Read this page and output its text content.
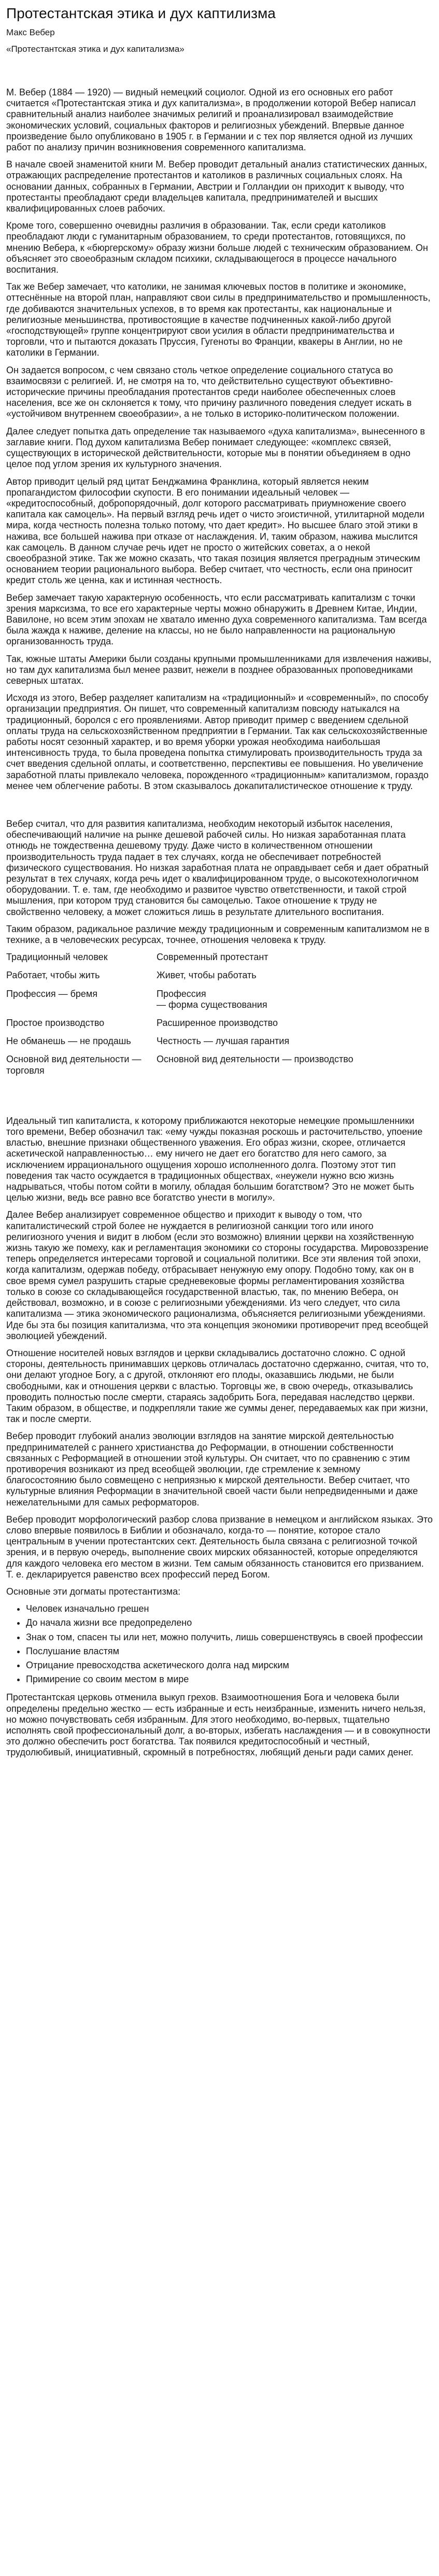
Протестантская этика и дух каптилизма
Макс Вебер
«Протестантская этика и дух капитализма»

М. Вебер (1884 — 1920) — видный немецкий социолог. Одной из его основных его работ считается «Протестантская этика и дух капитализма», в продолжении которой Вебер написал сравнительный анализ наиболее значимых религий и проанализировал взаимодействие экономических условий, социальных факторов и религиозных убеждений. Впервые данное произведение было опубликовано в 1905 г. в Германии и с тех пор является одной из лучших работ по анализу причин возникновения современного капитализма.

В начале своей знаменитой книги М. Вебер проводит детальный анализ статистических данных, отражающих распределение протестантов и католиков в различных социальных слоях. На основании данных, собранных в Германии, Австрии и Голландии он приходит к выводу, что протестанты преобладают среди владельцев капитала, предпринимателей и высших квалифицированных слоев рабочих.

Кроме того, совершенно очевидны различия в образовании. Так, если среди католиков преобладают люди с гуманитарным образованием, то среди протестантов, готовящихся, по мнению Вебера, к «бюргерскому» образу жизни больше людей с техническим образованием. Он объясняет это своеобразным складом психики, складывающегося в процессе начального воспитания.

Так же Вебер замечает, что католики, не занимая ключевых постов в политике и экономике, оттеснённые на второй план, направляют свои силы в предпринимательство и промышленность, где добиваются значительных успехов, в то время как протестанты, как национальные и религиозные меньшинства, противостоящие в качестве подчиненных какой-либо другой «господствующей» группе концентрируют свои усилия в области предпринимательства и торговли, что и пытаются доказать Пруссия, Гугеноты во Франции, квакеры в Англии, но не католики в Германии.

Он задается вопросом, с чем связано столь четкое определение социального статуса во взаимосвязи с религией. И, не смотря на то, что действительно существуют объективно-исторические причины преобладания протестантов среди наиболее обеспеченных слоев населения, все же он склоняется к тому, что причину различного поведения следует искать в «устойчивом внутреннем своеобразии», а не только в историко-политическом положении.

Далее следует попытка дать определение так называемого «духа капитализма», вынесенного в заглавие книги. Под духом капитализма Вебер понимает следующее: «комплекс связей, существующих в исторической действительности, которые мы в понятии объединяем в одно целое под углом зрения их культурного значения.

Автор приводит целый ряд цитат Бенджамина Франклина, который является неким пропагандистом философии скупости. В его понимании идеальный человек — «кредитоспособный, добропорядочный, долг которого рассматривать приумножение своего капитала как самоцель». На первый взгляд речь идет о чисто эгоистичной, утилитарной модели мира, когда честность полезна только потому, что дает кредит». Но высшее благо этой этики в нажива, все большей нажива при отказе от наслаждения. И, таким образом, нажива мыслится как самоцель. В данном случае речь идет не просто о житейских советах, а о некой своеобразной этике. Так же можно сказать, что такая позиция является преградным этическим основанием теории рационального выбора. Вебер считает, что честность, если она приносит кредит столь же ценна, как и истинная честность.

Вебер замечает такую характерную особенность, что если рассматривать капитализм с точки зрения марксизма, то все его характерные черты можно обнаружить в Древнем Китае, Индии, Вавилоне, но всем этим эпохам не хватало именно духа современного капитализма. Там всегда была жажда к наживе, деление на классы, но не было направленности на рациональную организованность труда.

Так, южные штаты Америки были созданы крупными промышленниками для извлечения наживы, но там дух капитализма был менее развит, нежели в позднее образованных проповедниками северных штатах.

Исходя из этого, Вебер разделяет капитализм на «традиционный» и «современный», по способу организации предприятия. Он пишет, что современный капитализм повсюду натыкался на традиционный, боролся с его проявлениями. Автор приводит пример с введением сдельной оплаты труда на сельскохозяйственном предприятии в Германии. Так как сельскохозяйственные работы носят сезонный характер, и во время уборки урожая необходима наибольшая интенсивность труда, то была проведена попытка стимулировать производительность труда за счет введения сдельной оплаты, и соответственно, перспективы ее повышения. Но увеличение заработной платы привлекало человека, порожденного «традиционным» капитализмом, гораздо менее чем облегчение работы. В этом сказывалось докапиталистическое отношение к труду.

Вебер считал, что для развития капитализма, необходим некоторый избыток населения, обеспечивающий наличие на рынке дешевой рабочей силы. Но низкая заработанная плата отнюдь не тождественна дешевому труду. Даже чисто в количественном отношении производительность труда падает в тех случаях, когда не обеспечивает потребностей физического существования. Но низкая заработная плата не оправдывает себя и дает обратный результат в тех случаях, когда речь идет о квалифицированном труде, о высокотехнологичном оборудовании. Т. е. там, где необходимо и развитое чувство ответственности, и такой строй мышления, при котором труд становится бы самоцелью. Такое отношение к труду не свойственно человеку, а может сложиться лишь в результате длительного воспитания.

Таким образом, радикальное различие между традиционным и современным капитализмом не в технике, а в человеческих ресурсах, точнее, отношения человека к труду.

Традиционный человек	Современный протестант
Работает, чтобы жить	Живет, чтобы работать
Профессия — бремя	Профессия
— форма существования
Простое производство	Расширенное производство
Не обманешь — не продашь	Честность — лучшая гарантия
Основной вид деятельности — торговля	Основной вид деятельности — производство

Идеальный тип капиталиста, к которому приближаются некоторые немецкие промышленники того времени, Вебер обозначил так: «ему чужды показная роскошь и расточительство, упоение властью, внешние признаки общественного уважения. Его образ жизни, скорее, отличается аскетической направленностью… ему ничего не дает его богатство для него самого, за исключением иррационального ощущения хорошо исполненного долга. Поэтому этот тип поведения так часто осуждается в традиционных обществах, «неужели нужно всю жизнь надрываться, чтобы потом сойти в могилу, обладая большим богатством? Это не может быть целью жизни, ведь все равно все богатство унести в могилу».

Далее Вебер анализирует современное общество и приходит к выводу о том, что капиталистический строй более не нуждается в религиозной санкции того или иного религиозного учения и видит в любом (если это возможно) влиянии церкви на хозяйственную жизнь такую же помеху, как и регламентация экономики со стороны государства. Мировоззрение теперь определяется интересами торговой и социальной политики. Все эти явления той эпохи, когда капитализм, одержав победу, отбрасывает ненужную ему опору. Подобно тому, как он в свое время сумел разрушить старые средневековые формы регламентирования хозяйства только в союзе со складывающейся государственной властью, так, по мнению Вебера, он действовал, возможно, и в союзе с религиозными убеждениями. Из чего следует, что сила капитализма — этика экономического рационализма, объясняется религиозными убеждениями. Иде бы эта бы позиция капитализма, что эта концепция экономики противоречит пред всеобщей эволюцией убеждений.

Отношение носителей новых взглядов и церкви складывались достаточно сложно. С одной стороны, деятельность принимавших церковь отличалась достаточно сдержанно, считая, что то, они делают угодное Богу, а с другой, отклоняют его плоды, оказавшись людьми, не были свободными, как и отношения церкви с властью. Торговцы же, в свою очередь, отказывались проводить полностью после смерти, стараясь задобрить Бога, передавая наследство церкви. Таким образом, в обществе, и подкрепляли такие же суммы денег, передаваемых как при жизни, так и после смерти.

Вебер проводит глубокий анализ эволюции взглядов на занятие мирской деятельностью предпринимателей с раннего христианства до Реформации, в отношении собственности связанных с Реформацией в отношении этой культуры. Он считает, что по сравнению с этим противоречия возникают из пред всеобщей эволюции, где стремление к земному благосостоянию было совмещено с неприязнью к мирской деятельности. Вебер считает, что культурные влияния Реформации в значительной своей части были непредвиденными и даже нежелательными для самых реформаторов.

Вебер проводит морфологический разбор слова призвание в немецком и английском языках. Это слово впервые появилось в Библии и обозначало, когда-то — понятие, которое стало центральным в учении протестантских сект. Деятельность была связана с религиозной точкой зрения, и в первую очередь, выполнение своих мирских обязанностей, которые определяются для каждого человека его местом в жизни. Тем самым обязанность становится его призванием. Т. е. декларируется равенство всех профессий перед Богом.

Основные эти догматы протестантизма:

• Человек изначально грешен
• До начала жизни все предопределено
• Знак о том, спасен ты или нет, можно получить, лишь совершенствуясь в своей профессии
• Послушание властям
• Отрицание превосходства аскетического долга над мирским
• Примирение со своим местом в мире

Протестантская церковь отменила выкуп грехов. Взаимоотношения Бога и человека были определены предельно жестко — есть избранные и есть неизбранные, изменить ничего нельзя, но можно почувствовать себя избранным. Для этого необходимо, во-первых, тщательно исполнять свой профессиональный долг, а во-вторых, избегать наслаждения — и в совокупности это должно обеспечить рост богатства. Так появился кредитоспособный и честный, трудолюбивый, инициативный, скромный в потребностях, любящий деньги ради самих денег.
